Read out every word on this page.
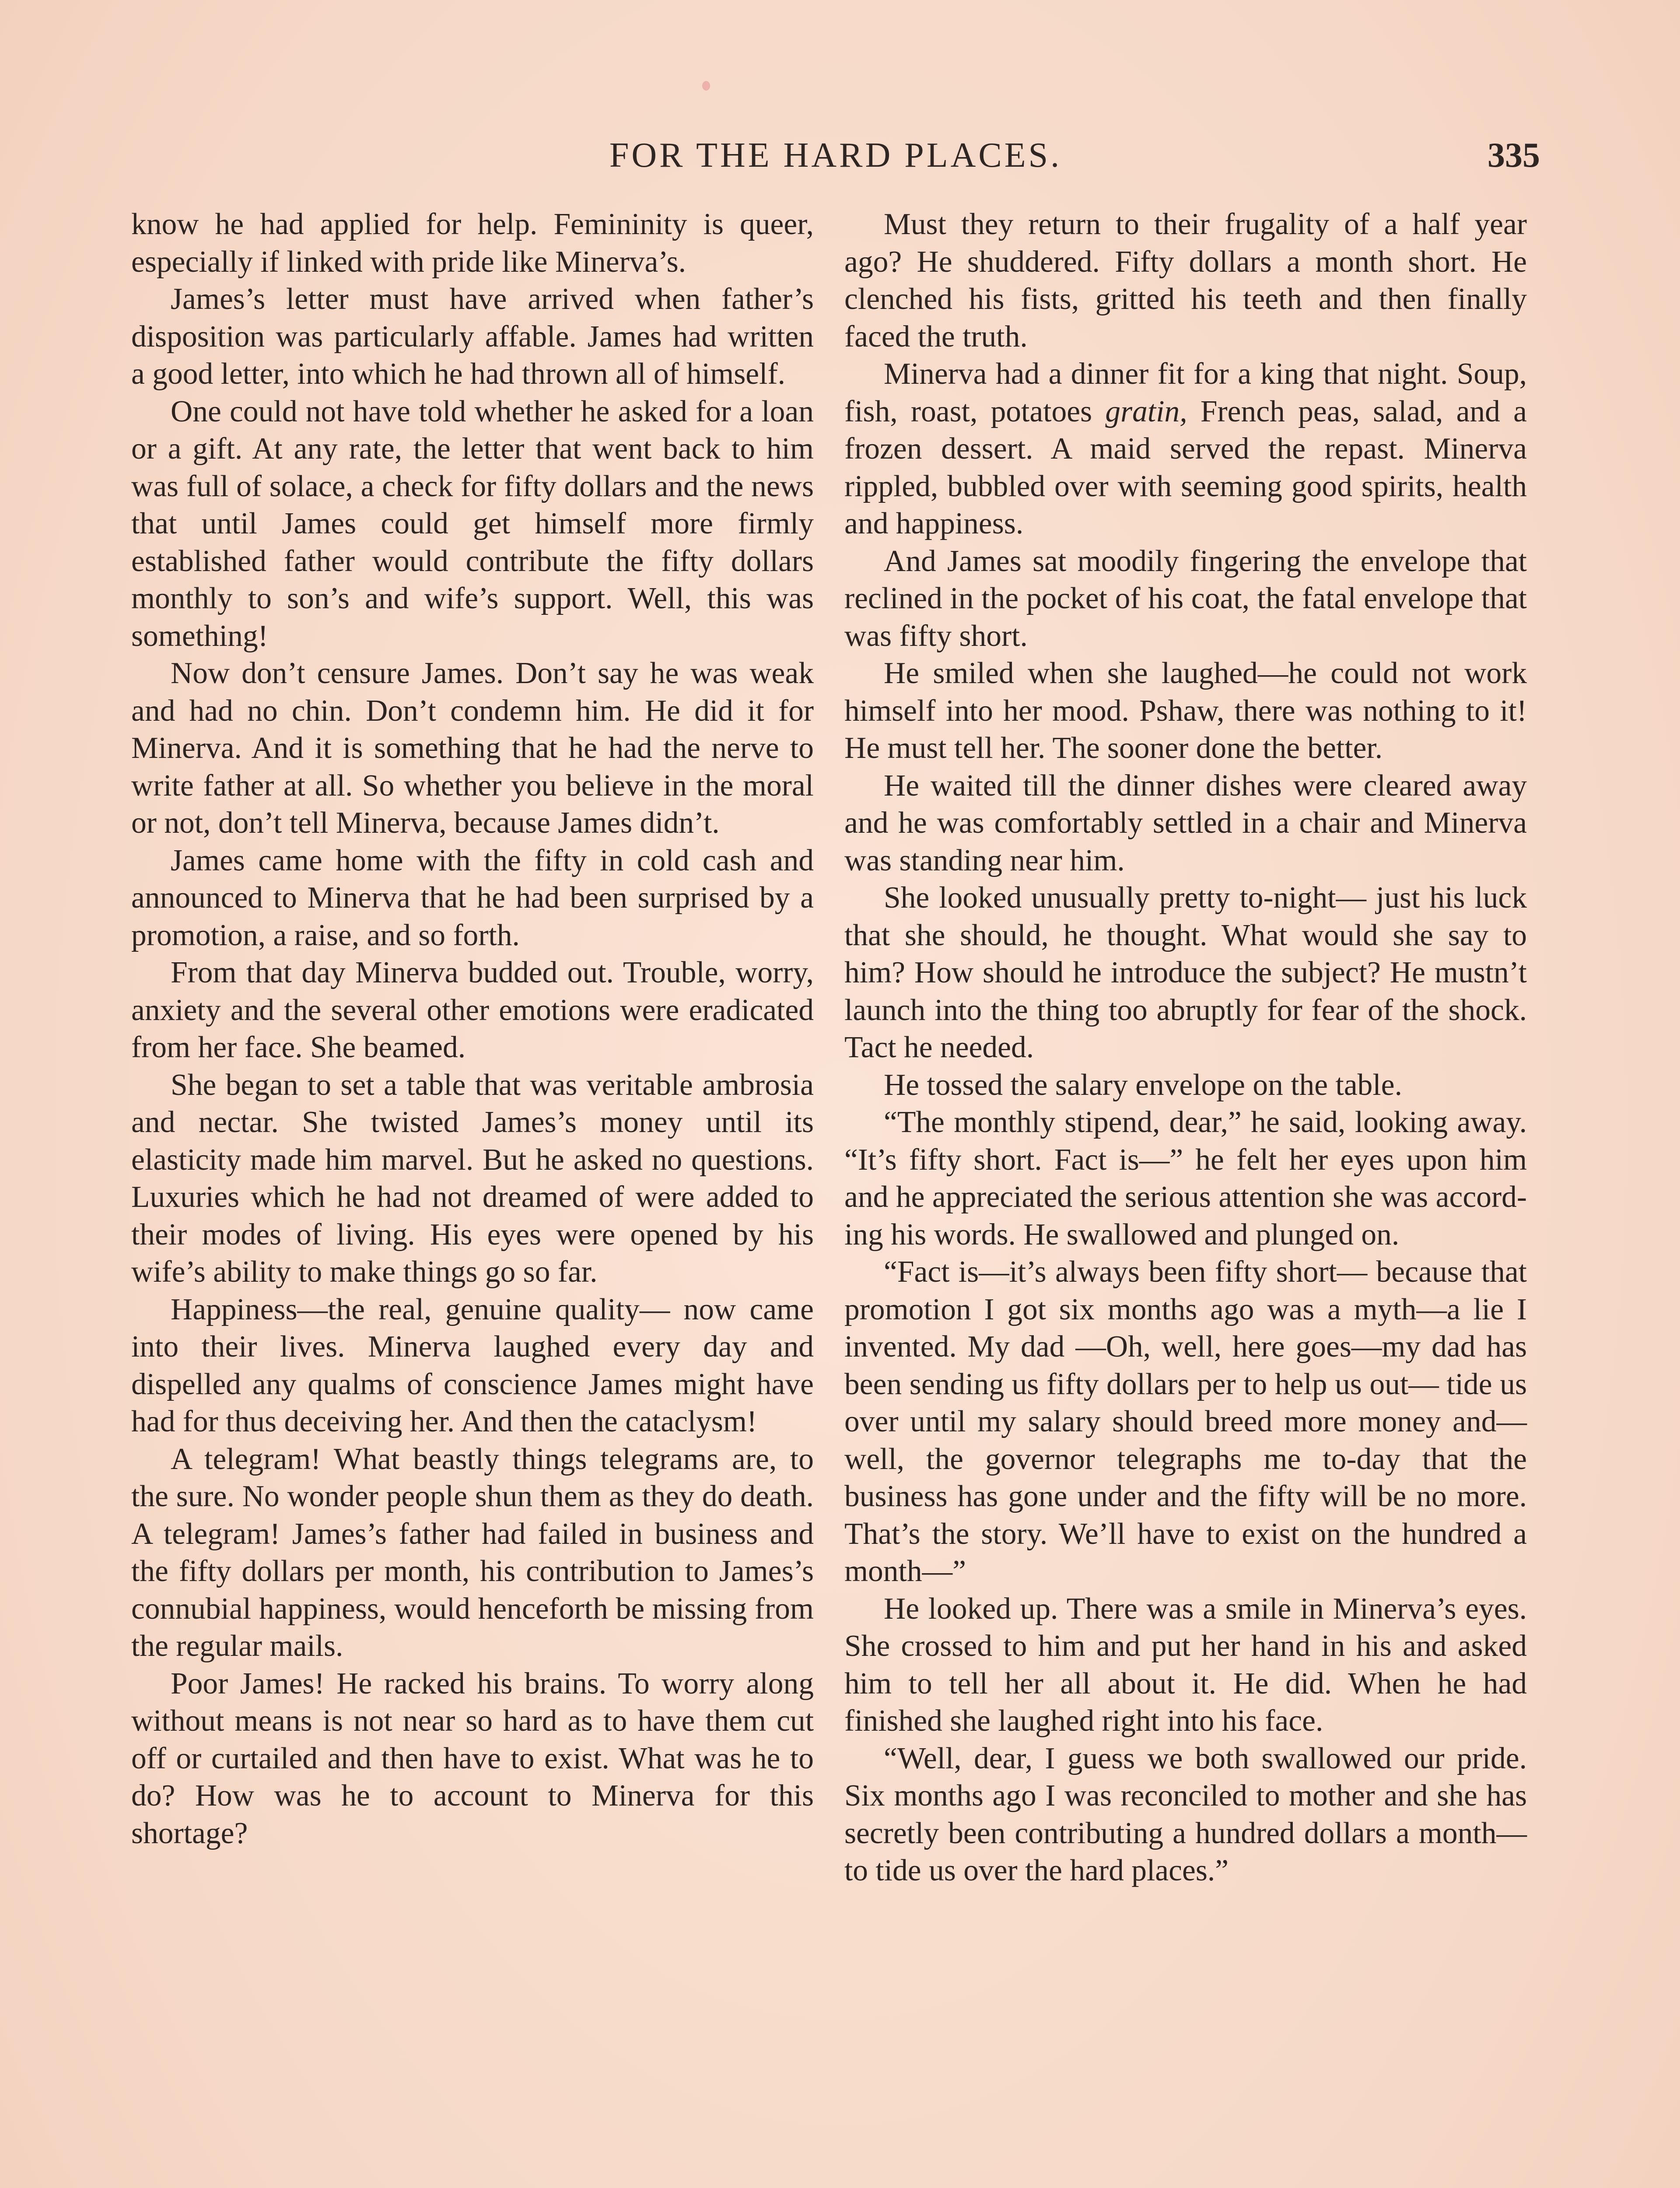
FOR THE HARD PLACES.	335

know he had applied for help. Femininity is queer, especially if linked with pride like Minerva’s.

James’s letter must have arrived when father’s disposition was particularly affable. James had written a good letter, into which he had thrown all of himself.

One could not have told whether he asked for a loan or a gift. At any rate, the letter that went back to him was full of solace, a check for fifty dollars and the news that until James could get himself more firmly established father would contribute the fifty dollars monthly to son’s and wife’s support. Well, this was something!

Now don’t censure James. Don’t say he was weak and had no chin. Don’t condemn him. He did it for Minerva. And it is something that he had the nerve to write father at all. So whether you believe in the moral or not, don’t tell Minerva, because James didn’t.

James came home with the fifty in cold cash and announced to Minerva that he had been surprised by a promotion, a raise, and so forth.

From that day Minerva budded out. Trouble, worry, anxiety and the several other emotions were eradicated from her face. She beamed.

She began to set a table that was veritable ambrosia and nectar. She twisted James’s money until its elasticity made him marvel. But he asked no questions. Luxuries which he had not dreamed of were added to their modes of living. His eyes were opened by his wife’s ability to make things go so far.

Happiness—the real, genuine quality— now came into their lives. Minerva laughed every day and dispelled any qualms of conscience James might have had for thus deceiving her. And then the cataclysm!

A telegram! What beastly things telegrams are, to the sure. No wonder people shun them as they do death. A telegram! James’s father had failed in business and the fifty dollars per month, his contribution to James’s connubial happiness, would henceforth be missing from the regular mails.

Poor James! He racked his brains. To worry along without means is not near so hard as to have them cut off or curtailed and then have to exist. What was he to do? How was he to account to Minerva for this shortage?

Must they return to their frugality of a half year ago? He shuddered. Fifty dollars a month short. He clenched his fists, gritted his teeth and then finally faced the truth.

Minerva had a dinner fit for a king that night. Soup, fish, roast, potatoes gratin, French peas, salad, and a frozen dessert. A maid served the repast. Minerva rippled, bubbled over with seeming good spirits, health and happiness.

And James sat moodily fingering the envelope that reclined in the pocket of his coat, the fatal envelope that was fifty short.

He smiled when she laughed—he could not work himself into her mood. Pshaw, there was nothing to it! He must tell her. The sooner done the better.

He waited till the dinner dishes were cleared away and he was comfortably settled in a chair and Minerva was standing near him.

She looked unusually pretty to-night— just his luck that she should, he thought. What would she say to him? How should he introduce the subject? He mustn’t launch into the thing too abruptly for fear of the shock. Tact he needed.

He tossed the salary envelope on the table.

“The monthly stipend, dear,” he said, looking away. “It’s fifty short. Fact is—” he felt her eyes upon him and he appreciated the serious attention she was according his words. He swallowed and plunged on.

“Fact is—it’s always been fifty short— because that promotion I got six months ago was a myth—a lie I invented. My dad —Oh, well, here goes—my dad has been sending us fifty dollars per to help us out— tide us over until my salary should breed more money and—well, the governor telegraphs me to-day that the business has gone under and the fifty will be no more. That’s the story. We’ll have to exist on the hundred a month—”

He looked up. There was a smile in Minerva’s eyes. She crossed to him and put her hand in his and asked him to tell her all about it. He did. When he had finished she laughed right into his face.

“Well, dear, I guess we both swallowed our pride. Six months ago I was reconciled to mother and she has secretly been contributing a hundred dollars a month—to tide us over the hard places.”
